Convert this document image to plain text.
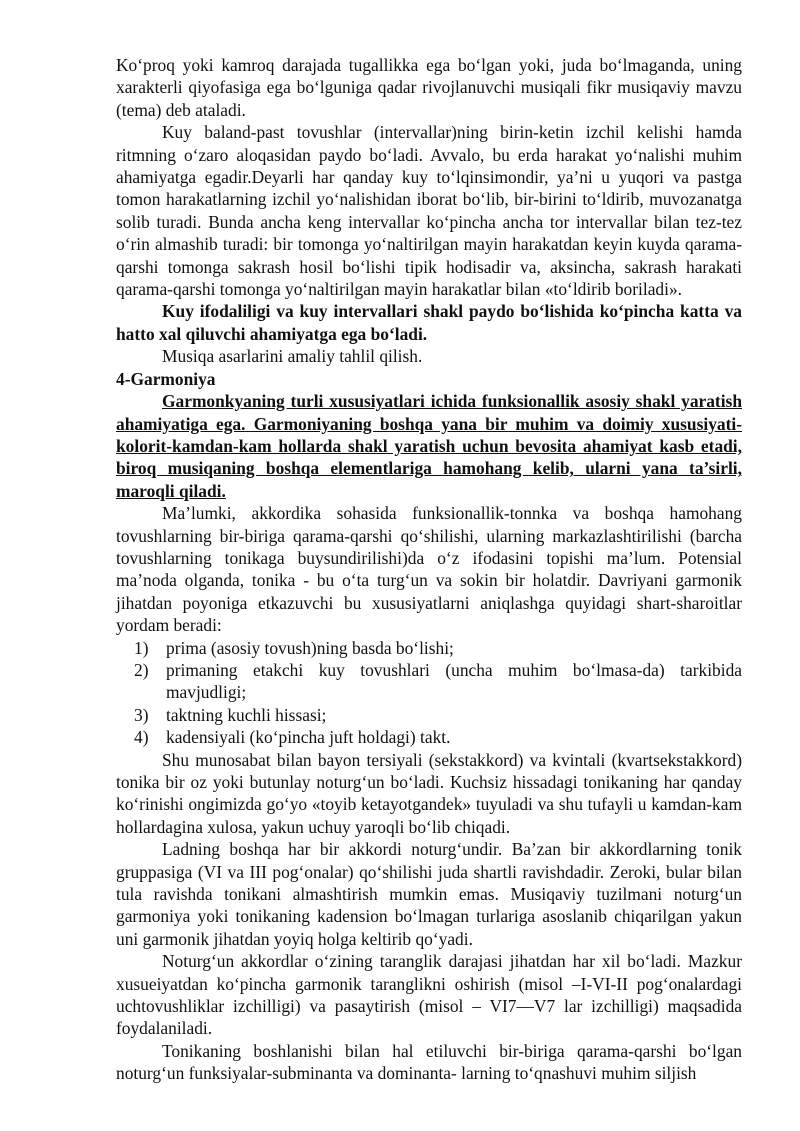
Ko‘proq yoki kamroq darajada tugallikka ega bo‘lgan yoki, juda bo‘lmaganda, uning xarakterli qiyofasiga ega bo‘lguniga qadar rivojlanuvchi musiqali fikr musiqaviy mavzu (tema) deb ataladi.

Kuy baland-past tovushlar (intervallar)ning birin-ketin izchil kelishi hamda ritmning o‘zaro aloqasidan paydo bo‘ladi. Avvalo, bu erda harakat yo‘nalishi muhim ahamiyatga egadir.Deyarli har qanday kuy to‘lqinsimondir, ya’ni u yuqori va pastga tomon harakatlarning izchil yo‘nalishidan iborat bo‘lib, bir-birini to‘ldirib, muvozanatga solib turadi. Bunda ancha keng intervallar ko‘pincha ancha tor intervallar bilan tez-tez o‘rin almashib turadi: bir tomonga yo‘naltirilgan mayin harakatdan keyin kuyda qarama-qarshi tomonga sakrash hosil bo‘lishi tipik hodisadir va, aksincha, sakrash harakati qarama-qarshi tomonga yo‘naltirilgan mayin harakatlar bilan «to‘ldirib boriladi».

Kuy ifodaliligi va kuy intervallari shakl paydo bo‘lishida ko‘pincha katta va hatto xal qiluvchi ahamiyatga ega bo‘ladi.

Musiqa asarlarini amaliy tahlil qilish.

4-Garmoniya

Garmonkyaning turli xususiyatlari ichida funksionallik asosiy shakl yaratish ahamiyatiga ega. Garmoniyaning boshqa yana bir muhim va doimiy xususiyati-kolorit-kamdan-kam hollarda shakl yaratish uchun bevosita ahamiyat kasb etadi, biroq musiqaning boshqa elementlariga hamohang kelib, ularni yana ta’sirli, maroqli qiladi.

Ma’lumki, akkordika sohasida funksionallik-tonnka va boshqa hamohang tovushlarning bir-biriga qarama-qarshi qo‘shilishi, ularning markazlashtirilishi (barcha tovushlarning tonikaga buysundirilishi)da o‘z ifodasini topishi ma’lum. Potensial ma’noda olganda, tonika - bu o‘ta turg‘un va sokin bir holatdir. Davriyani garmonik jihatdan poyoniga etkazuvchi bu xususiyatlarni aniqlashga quyidagi shart-sharoitlar yordam beradi:

1) prima (asosiy tovush)ning basda bo‘lishi;
2) primaning etakchi kuy tovushlari (uncha muhim bo‘lmasa-da) tarkibida mavjudligi;
3) taktning kuchli hissasi;
4) kadensiyali (ko‘pincha juft holdagi) takt.

Shu munosabat bilan bayon tersiyali (sekstakkord) va kvintali (kvartsekstakkord) tonika bir oz yoki butunlay noturg‘un bo‘ladi. Kuchsiz hissadagi tonikaning har qanday ko‘rinishi ongimizda go‘yo «toyib ketayotgandek» tuyuladi va shu tufayli u kamdan-kam hollardagina xulosa, yakun uchuy yaroqli bo‘lib chiqadi.

Ladning boshqa har bir akkordi noturg‘undir. Ba’zan bir akkordlarning tonik gruppasiga (VI va III pog‘onalar) qo‘shilishi juda shartli ravishdadir. Zeroki, bular bilan tula ravishda tonikani almashtirish mumkin emas. Musiqaviy tuzilmani noturg‘un garmoniya yoki tonikaning kadension bo‘lmagan turlariga asoslanib chiqarilgan yakun uni garmonik jihatdan yoyiq holga keltirib qo‘yadi.

Noturg‘un akkordlar o‘zining taranglik darajasi jihatdan har xil bo‘ladi. Mazkur xusueiyatdan ko‘pincha garmonik taranglikni oshirish (misol –I-VI-II pog‘onalardagi uchtovushliklar izchilligi) va pasaytirish (misol – VI7—V7 lar izchilligi) maqsadida foydalaniladi.

Tonikaning boshlanishi bilan hal etiluvchi bir-biriga qarama-qarshi bo‘lgan noturg‘un funksiyalar-subminanta va dominanta- larning to‘qnashuvi muhim siljish
